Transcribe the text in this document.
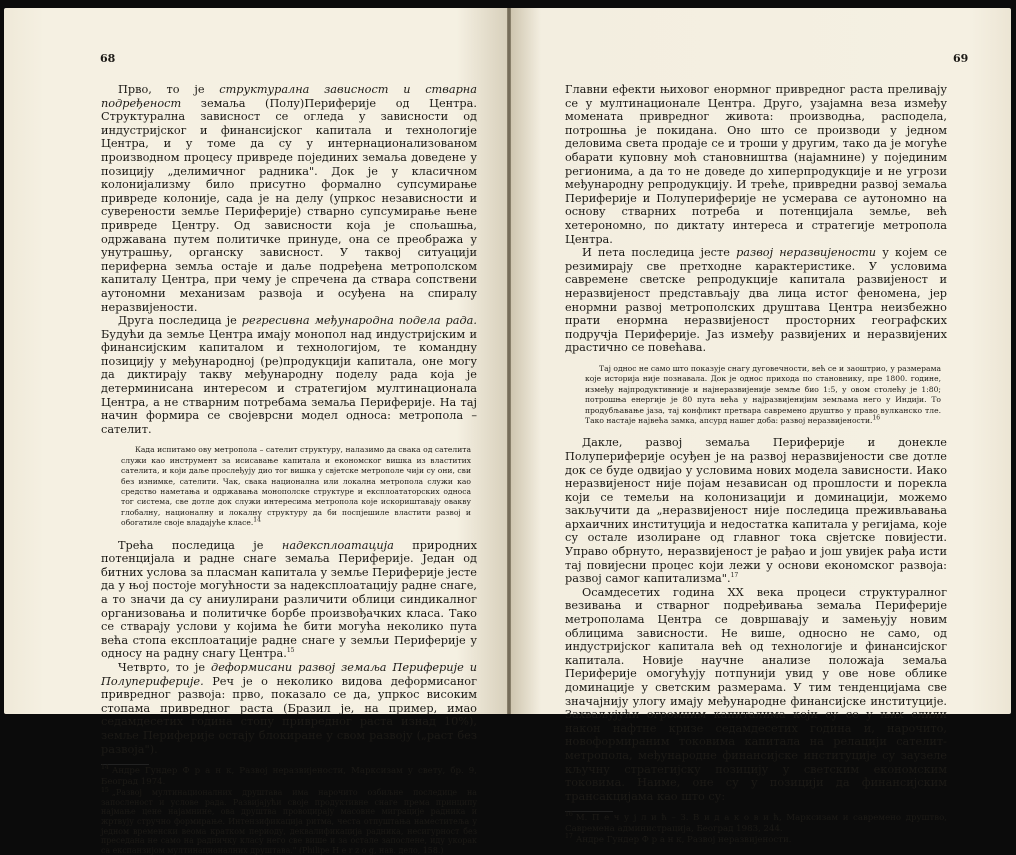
68

Прво, то је структурална зависност и стварна подређеност земаља (Полу)Периферије од Центра. Структурална зависност се огледа у зависности од индустријског и финансијског капитала и технологије Центра, и у томе да су у интернационализованом производном процесу привреде појединих земаља доведене у позицију „делимичног радника". Док је у класичном колонијализму било присутно формално супсумирање привреде колоније, сада је на делу (упркос независности и суверености земље Периферије) стварно супсумирање њене привреде Центру. Од зависности која је спољашња, одржавана путем политичке принуде, она се преобража у унутрашњу, органску зависност. У таквој ситуацији периферна земља остаје и даље подређена метрополском капиталу Центра, при чему је спречена да ствара сопствени аутономни механизам развоја и осуђена на спиралу неразвијености.

Друга последица је регресивна међународна подела рада. Будући да земље Центра имају монопол над индустријским и финансијским капиталом и технологијом, те командну позицију у међународној (ре)продукцији капитала, оне могу да диктирају такву међународну поделу рада која је детерминисана интересом и стратегијом мултинационала Центра, а не стварним потребама земаља Периферије. На тај начин формира се својеврсни модел односа: метропола – сателит.

Када испитамо ову метропола – сателит структуру, налазимо да свака од сателита служи као инструмент за исисавање капитала и економског вишка из властитих сателита, и који даље прослеђују дио тог вишка у свјетске метрополе чији су они, сви без изнимке, сателити. Чак, свака национална или локална метропола служи као средство наметања и одржавања монополске структуре и експлоататорских односа тог система, све дотле док служи интересима метропола које искориштавају овакву глобалну, националну и локалну структуру да би поспјешиле властити развој и обогатиле своје владајуће класе.$^{14}$

Трећа последица је надексплоатација природних потенцијала и радне снаге земаља Периферије. Један од битних услова за пласман капитала у земље Периферије јесте да у њој постоје могућности за надексплоатацију радне снаге, а то значи да су аниулирани различити облици синдикалног организовања и политичке борбе произвођачких класа. Тако се стварају услови у којима ће бити могућа неколико пута већа стопа експлоатације радне снаге у земљи Периферије у односу на радну снагу Центра.$^{15}$

Четврто, то је деформисани развој земаља Периферије и Полупериферије. Реч је о неколико видова деформисаног привредног развоја: прво, показало се да, упркос високим стопама привредног раста (Бразил је, на пример, имао седамдесетих година стопу привредног раста изнад 10%), земље Периферије остају блокиране у свом развоју („раст без развоја").

$^{14}$ Андре Гундер Ф р а н к, Развој неразвијености, Марксизам у свету, бр. 9, Београд 1974.

$^{15}$ „Развој мултинационалних друштава има нарочито озбиљне последице на запосленост и услове рада. Развијајући своје продуктивне снаге према принципу најмање цене најамнине, ова друштва провоцирају масовне миграције радника и жртвују стручно формирање. Интензификација ритма, честа отпуштања наместитеља у једном временски веома кратком периоду, деквалификација радника, несигурност без преседана не само на радничку класу него све више и за остале запослене, иду укорак са експанзијом мултинационалних друштава." (Philipe H e r z o g, нав. дело, 158.)

69

Главни ефекти њиховог енормног привредног раста преливају се у мултинационале Центра. Друго, узајамна веза између момената привредног живота: производња, расподела, потрошња је покидана. Оно што се производи у једном деловима света продаје се и троши у другим, тако да је могуће обарати куповну моћ становништва (најамнине) у појединим регионима, а да то не доведе до хиперпродукције и не угрози међународну репродукцију. И треће, привредни развој земаља Периферије и Полупериферије не усмерава се аутономно на основу стварних потреба и потенцијала земље, већ хетерономно, по диктату интереса и стратегије метропола Центра.

И пета последица јесте развој неразвијености у којем се резимирају све претходне карактеристике. У условима савремене светске репродукције капитала развијеност и неразвијеност представљају два лица истог феномена, јер енормни развој метрополских друштава Центра неизбежно прати енормна неразвијеност просторних географских подручја Периферије. Јаз између развијених и неразвијених драстично се повећава.

Тај однос не само што показује снагу дуговечности, већ се и заоштрио, у размерама које историја није познавала. Док је однос прихода по становнику, пре 1800. године, између најпродуктивније и најнеразвијеније земље био 1:5, у овом столећу је 1:80; потрошња енергије је 80 пута већа у најразвијенијим земљама него у Индији. То продубљавање јаза, тај конфликт претвара савремено друштво у право вулканско тле. Тако настаје највећа замка, апсурд нашег доба: развој неразвијености.$^{16}$

Дакле, развој земаља Периферије и донекле Полупериферије осуђен је на развој неразвијености све дотле док се буде одвијао у условима нових модела зависности. Иако неразвијеност није појам независан од прошлости и порекла који се темељи на колонизацији и доминацији, можемо закључити да „неразвијеност није последица преживљавања архаичних институција и недостатка капитала у регијама, које су остале изолиране од главног тока свјетске повијести. Управо обрнуто, неразвијеност је рађао и још увијек рађа исти тај повијесни процес који лежи у основи економског развоја: развој самог капитализма".$^{17}$

Осамдесетих година XX века процеси структуралног везивања и стварног подређивања земаља Периферије метрополама Центра се довршавају и замењују новим облицима зависности. Не више, односно не само, од индустријског капитала већ од технологије и финансијског капитала. Новије научне анализе положаја земаља Периферије омогућују потпунији увид у ове нове облике доминације у светским размерама. У тим тенденцијама све значајнију улогу имају међународне финансијске институције. Захваљујући огромним капиталима који су се у њих слили након нафтне кризе седамдесетих година и, нарочито, новоформираним токовима капитала на релацији сателит-метропола, међународне финансијске институције су заузеле кључну стратегијску позицију у светским економским токовима. Наиме, оне су у позицији да финансијским трансакцијама као што су:

$^{16}$ М. П е ч у ј л и ћ – З. В и д а к о в и ћ, Марксизам и савремено друштво, Савремена администрација, Београд 1983, 244.

$^{17}$ Андре Гундер Ф р а н к, Развој неразвијености.
